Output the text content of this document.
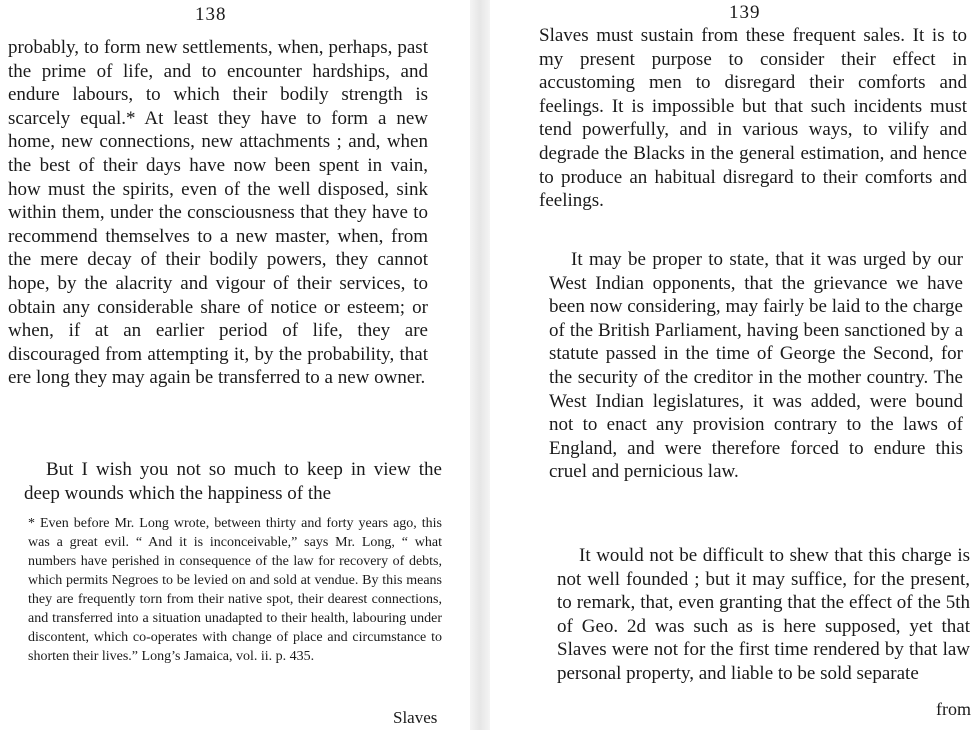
138

probably, to form new settlements, when, perhaps, past the prime of life, and to encounter hardships, and endure labours, to which their bodily strength is scarcely equal.* At least they have to form a new home, new connections, new attachments ; and, when the best of their days have now been spent in vain, how must the spirits, even of the well disposed, sink within them, under the consciousness that they have to recommend themselves to a new master, when, from the mere decay of their bodily powers, they cannot hope, by the alacrity and vigour of their services, to obtain any considerable share of notice or esteem; or when, if at an earlier period of life, they are discouraged from attempting it, by the probability, that ere long they may again be transferred to a new owner.

But I wish you not so much to keep in view the deep wounds which the happiness of the

* Even before Mr. Long wrote, between thirty and forty years ago, this was a great evil. “ And it is inconceivable,” says Mr. Long, “ what numbers have perished in consequence of the law for recovery of debts, which permits Negroes to be levied on and sold at vendue. By this means they are frequently torn from their native spot, their dearest connections, and transferred into a situation unadapted to their health, labouring under discontent, which co-operates with change of place and circumstance to shorten their lives.” Long’s Jamaica, vol. ii. p. 435.

Slaves

139

Slaves must sustain from these frequent sales. It is to my present purpose to consider their effect in accustoming men to disregard their comforts and feelings. It is impossible but that such incidents must tend powerfully, and in various ways, to vilify and degrade the Blacks in the general estimation, and hence to produce an habitual disregard to their comforts and feelings.

It may be proper to state, that it was urged by our West Indian opponents, that the grievance we have been now considering, may fairly be laid to the charge of the British Parliament, having been sanctioned by a statute passed in the time of George the Second, for the security of the creditor in the mother country. The West Indian legislatures, it was added, were bound not to enact any provision contrary to the laws of England, and were therefore forced to endure this cruel and pernicious law.

It would not be difficult to shew that this charge is not well founded ; but it may suffice, for the present, to remark, that, even granting that the effect of the 5th of Geo. 2d was such as is here supposed, yet that Slaves were not for the first time rendered by that law personal property, and liable to be sold separate

from
